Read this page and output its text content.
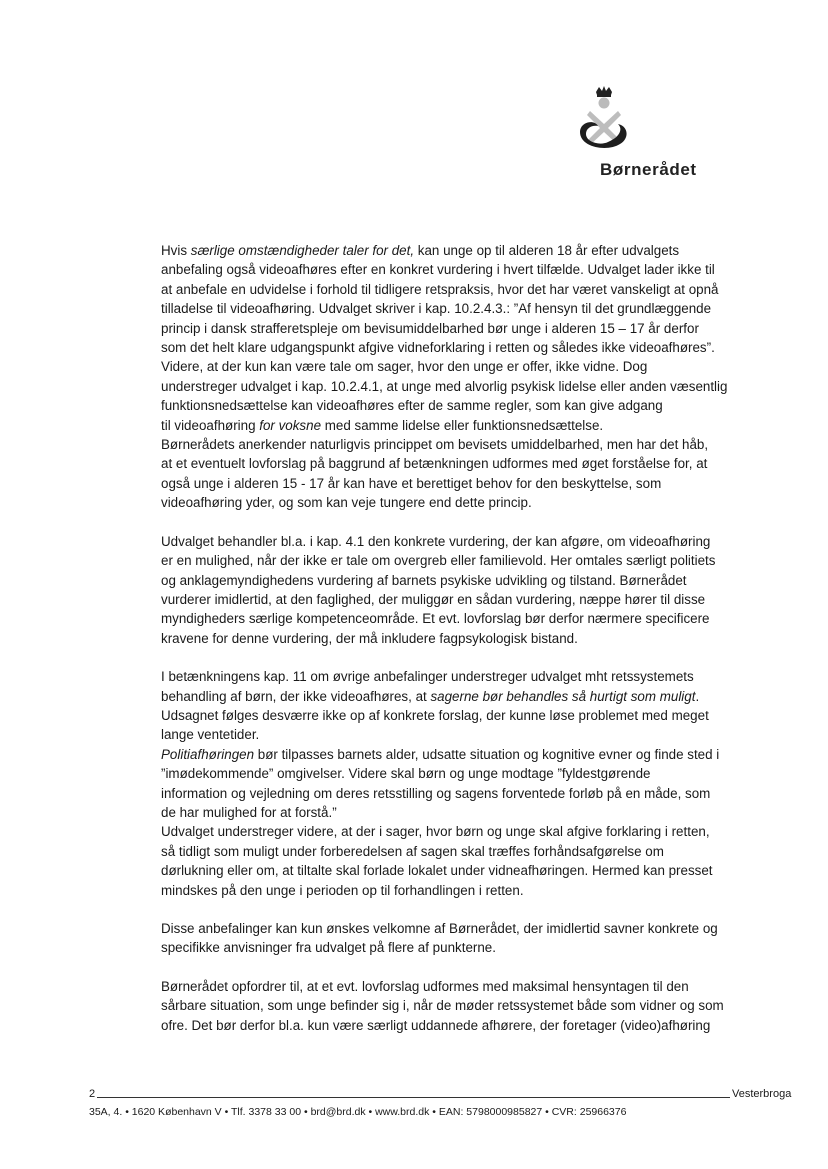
Børnerådet
Hvis særlige omstændigheder taler for det, kan unge op til alderen 18 år efter udvalgets
anbefaling også videoafhøres efter en konkret vurdering i hvert tilfælde. Udvalget lader ikke til
at anbefale en udvidelse i forhold til tidligere retspraksis, hvor det har været vanskeligt at opnå
tilladelse til videoafhøring. Udvalget skriver i kap. 10.2.4.3.: ”Af hensyn til det grundlæggende
princip i dansk strafferetspleje om bevisumiddelbarhed bør unge i alderen 15 – 17 år derfor
som det helt klare udgangspunkt afgive vidneforklaring i retten og således ikke videoafhøres”.
Videre, at der kun kan være tale om sager, hvor den unge er offer, ikke vidne. Dog
understreger udvalget i kap. 10.2.4.1, at unge med alvorlig psykisk lidelse eller anden væsentlig
funktionsnedsættelse kan videoafhøres efter de samme regler, som kan give adgang
til videoafhøring for voksne med samme lidelse eller funktionsnedsættelse.
Børnerådets anerkender naturligvis princippet om bevisets umiddelbarhed, men har det håb,
at et eventuelt lovforslag på baggrund af betænkningen udformes med øget forståelse for, at
også unge i alderen 15 - 17 år kan have et berettiget behov for den beskyttelse, som
videoafhøring yder, og som kan veje tungere end dette princip.
Udvalget behandler bl.a. i kap. 4.1 den konkrete vurdering, der kan afgøre, om videoafhøring
er en mulighed, når der ikke er tale om overgreb eller familievold. Her omtales særligt politiets
og anklagemyndighedens vurdering af barnets psykiske udvikling og tilstand. Børnerådet
vurderer imidlertid, at den faglighed, der muliggør en sådan vurdering, næppe hører til disse
myndigheders særlige kompetenceområde. Et evt. lovforslag bør derfor nærmere specificere
kravene for denne vurdering, der må inkludere fagpsykologisk bistand.
I betænkningens kap. 11 om øvrige anbefalinger understreger udvalget mht retssystemets
behandling af børn, der ikke videoafhøres, at sagerne bør behandles så hurtigt som muligt.
Udsagnet følges desværre ikke op af konkrete forslag, der kunne løse problemet med meget
lange ventetider.
Politiafhøringen bør tilpasses barnets alder, udsatte situation og kognitive evner og finde sted i
”imødekommende” omgivelser. Videre skal børn og unge modtage ”fyldestgørende
information og vejledning om deres retsstilling og sagens forventede forløb på en måde, som
de har mulighed for at forstå.”
Udvalget understreger videre, at der i sager, hvor børn og unge skal afgive forklaring i retten,
så tidligt som muligt under forberedelsen af sagen skal træffes forhåndsafgørelse om
dørlukning eller om, at tiltalte skal forlade lokalet under vidneafhøringen. Hermed kan presset
mindskes på den unge i perioden op til forhandlingen i retten.
Disse anbefalinger kan kun ønskes velkomne af Børnerådet, der imidlertid savner konkrete og
specifikke anvisninger fra udvalget på flere af punkterne.
Børnerådet opfordrer til, at et evt. lovforslag udformes med maksimal hensyntagen til den
sårbare situation, som unge befinder sig i, når de møder retssystemet både som vidner og som
ofre. Det bør derfor bl.a. kun være særligt uddannede afhørere, der foretager (video)afhøring
2	Vesterbroga
35A, 4. • 1620 København V • Tlf. 3378 33 00 • brd@brd.dk • www.brd.dk • EAN: 5798000985827 • CVR: 25966376
